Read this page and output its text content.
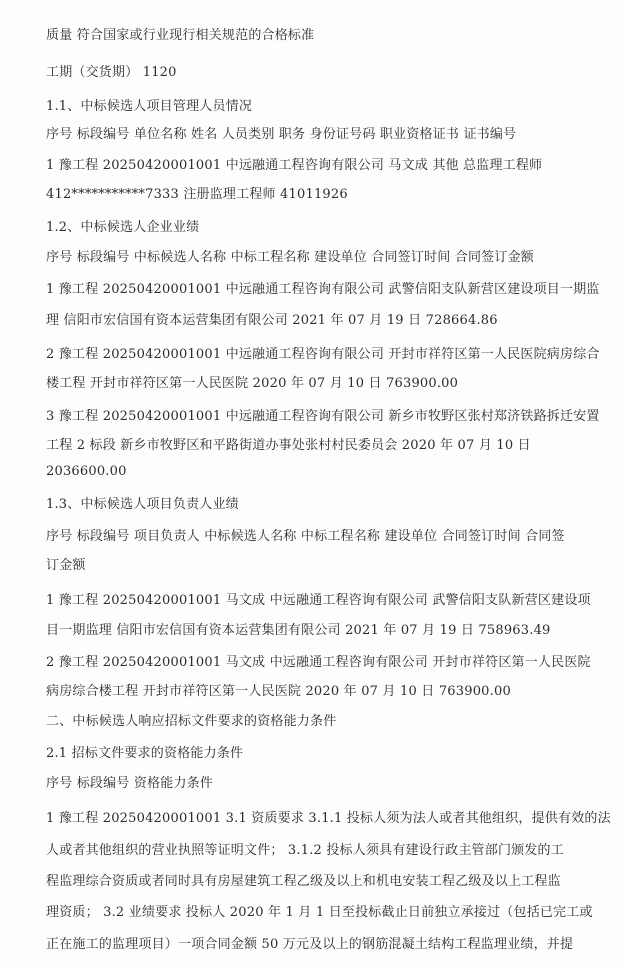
质量 符合国家或行业现行相关规范的合格标准
工期（交货期） 1120
1.1、中标候选人项目管理人员情况
序号 标段编号 单位名称 姓名 人员类别 职务 身份证号码 职业资格证书 证书编号
1 豫工程 20250420001001 中远融通工程咨询有限公司 马文成 其他 总监理工程师
412***********7333 注册监理工程师 41011926
1.2、中标候选人企业业绩
序号 标段编号 中标候选人名称 中标工程名称 建设单位 合同签订时间 合同签订金额
1 豫工程 20250420001001 中远融通工程咨询有限公司 武警信阳支队新营区建设项目一期监
理 信阳市宏信国有资本运营集团有限公司 2021 年 07 月 19 日 728664.86
2 豫工程 20250420001001 中远融通工程咨询有限公司 开封市祥符区第一人民医院病房综合
楼工程 开封市祥符区第一人民医院 2020 年 07 月 10 日 763900.00
3 豫工程 20250420001001 中远融通工程咨询有限公司 新乡市牧野区张村郑济铁路拆迁安置
工程 2 标段 新乡市牧野区和平路街道办事处张村村民委员会 2020 年 07 月 10 日
2036600.00
1.3、中标候选人项目负责人业绩
序号 标段编号 项目负责人 中标候选人名称 中标工程名称 建设单位 合同签订时间 合同签
订金额
1 豫工程 20250420001001 马文成 中远融通工程咨询有限公司 武警信阳支队新营区建设项
目一期监理 信阳市宏信国有资本运营集团有限公司 2021 年 07 月 19 日 758963.49
2 豫工程 20250420001001 马文成 中远融通工程咨询有限公司 开封市祥符区第一人民医院
病房综合楼工程 开封市祥符区第一人民医院 2020 年 07 月 10 日 763900.00
二、中标候选人响应招标文件要求的资格能力条件
2.1 招标文件要求的资格能力条件
序号 标段编号 资格能力条件
1 豫工程 20250420001001 3.1 资质要求 3.1.1 投标人须为法人或者其他组织，提供有效的法
人或者其他组织的营业执照等证明文件； 3.1.2 投标人须具有建设行政主管部门颁发的工
程监理综合资质或者同时具有房屋建筑工程乙级及以上和机电安装工程乙级及以上工程监
理资质； 3.2 业绩要求 投标人 2020 年 1 月 1 日至投标截止日前独立承接过（包括已完工或
正在施工的监理项目）一项合同金额 50 万元及以上的钢筋混凝土结构工程监理业绩，并提
